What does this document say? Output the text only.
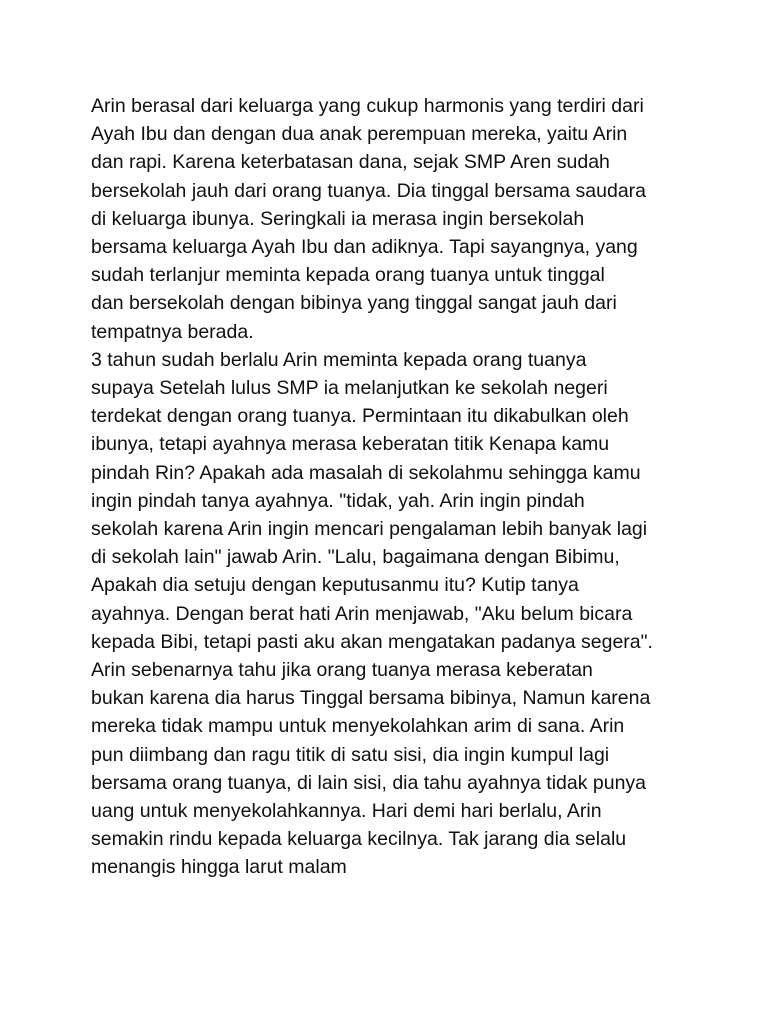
Arin berasal dari keluarga yang cukup harmonis yang terdiri dari
Ayah Ibu dan dengan dua anak perempuan mereka, yaitu Arin
dan rapi. Karena keterbatasan dana, sejak SMP Aren sudah
bersekolah jauh dari orang tuanya. Dia tinggal bersama saudara
di keluarga ibunya. Seringkali ia merasa ingin bersekolah
bersama keluarga Ayah Ibu dan adiknya. Tapi sayangnya, yang
sudah terlanjur meminta kepada orang tuanya untuk tinggal
dan bersekolah dengan bibinya yang tinggal sangat jauh dari
tempatnya berada.
3 tahun sudah berlalu Arin meminta kepada orang tuanya
supaya Setelah lulus SMP ia melanjutkan ke sekolah negeri
terdekat dengan orang tuanya. Permintaan itu dikabulkan oleh
ibunya, tetapi ayahnya merasa keberatan titik Kenapa kamu
pindah Rin? Apakah ada masalah di sekolahmu sehingga kamu
ingin pindah tanya ayahnya. "tidak, yah. Arin ingin pindah
sekolah karena Arin ingin mencari pengalaman lebih banyak lagi
di sekolah lain" jawab Arin. "Lalu, bagaimana dengan Bibimu,
Apakah dia setuju dengan keputusanmu itu? Kutip tanya
ayahnya. Dengan berat hati Arin menjawab, "Aku belum bicara
kepada Bibi, tetapi pasti aku akan mengatakan padanya segera".
Arin sebenarnya tahu jika orang tuanya merasa keberatan
bukan karena dia harus Tinggal bersama bibinya, Namun karena
mereka tidak mampu untuk menyekolahkan arim di sana. Arin
pun diimbang dan ragu titik di satu sisi, dia ingin kumpul lagi
bersama orang tuanya, di lain sisi, dia tahu ayahnya tidak punya
uang untuk menyekolahkannya. Hari demi hari berlalu, Arin
semakin rindu kepada keluarga kecilnya. Tak jarang dia selalu
menangis hingga larut malam
